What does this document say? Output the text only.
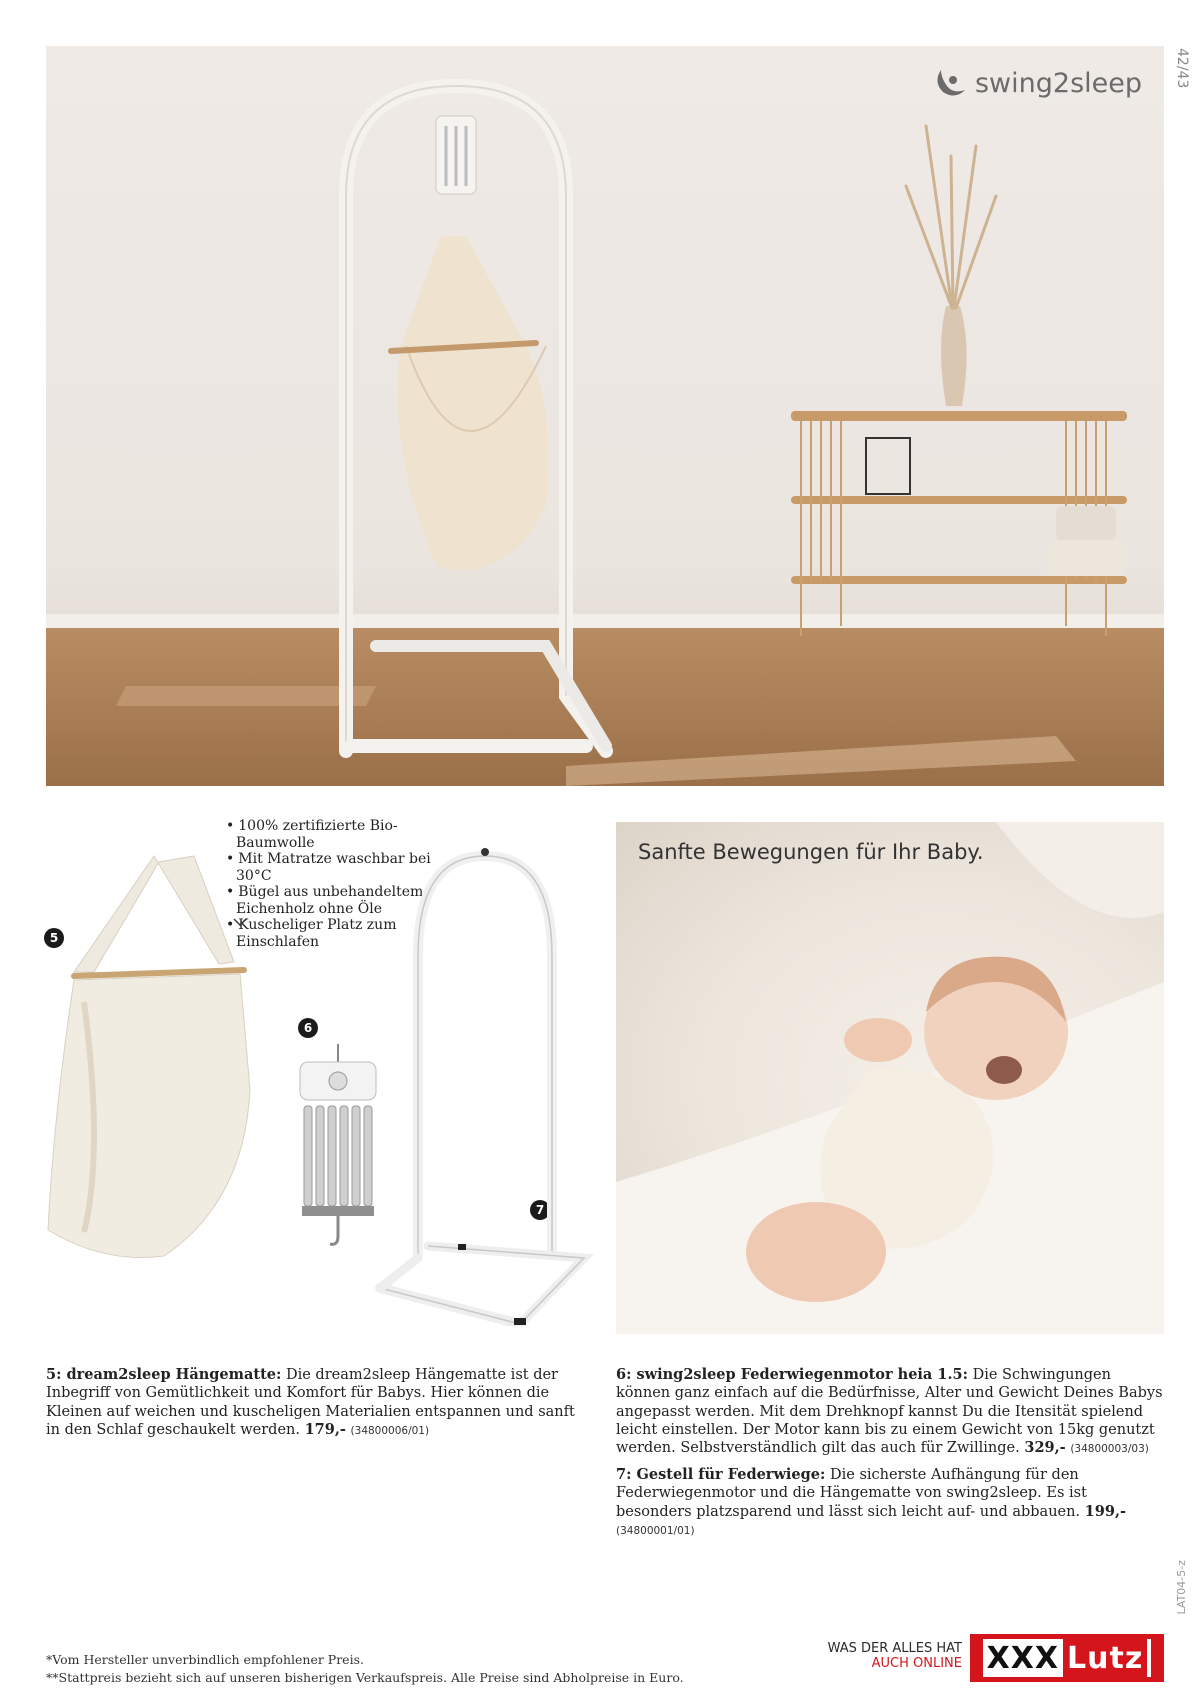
42/43
swing2sleep
• 100% zertifizierte Bio-Baumwolle
• Mit Matratze waschbar bei 30°C
• Bügel aus unbehandeltem Eichenholz ohne Öle
• Kuscheliger Platz zum Einschlafen
5
6
7
Sanfte Bewegungen für Ihr Baby.
5: dream2sleep Hängematte: Die dream2sleep Hängematte ist der Inbegriff von Gemütlichkeit und Komfort für Babys. Hier können die Kleinen auf weichen und kuscheligen Materialien entspannen und sanft in den Schlaf geschaukelt werden. 179,- (34800006/01)
6: swing2sleep Federwiegenmotor heia 1.5: Die Schwingungen können ganz einfach auf die Bedürfnisse, Alter und Gewicht Deines Babys angepasst werden. Mit dem Drehknopf kannst Du die Itensität spielend leicht einstellen. Der Motor kann bis zu einem Gewicht von 15kg genutzt werden. Selbstverständlich gilt das auch für Zwillinge. 329,- (34800003/03)
7: Gestell für Federwiege: Die sicherste Aufhängung für den Federwiegenmotor und die Hängematte von swing2sleep. Es ist besonders platzsparend und lässt sich leicht auf- und abbauen. 199,- (34800001/01)
LAT04-5-z
*Vom Hersteller unverbindlich empfohlener Preis.
**Stattpreis bezieht sich auf unseren bisherigen Verkaufspreis. Alle Preise sind Abholpreise in Euro.
WAS DER ALLES HAT
AUCH ONLINE XXX Lutz
